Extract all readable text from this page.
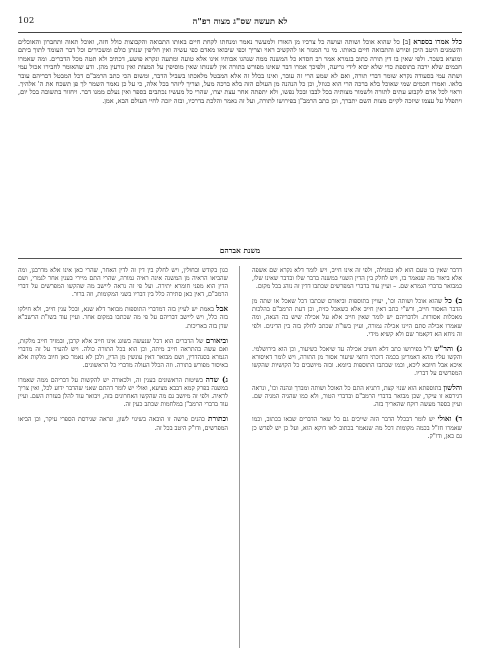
לא תעשה שס"ג מצוה רפ"ה
102
כלל אמרו בספרא [ב] כל שהוא אוכל ושותה ועושה כל צרכיו מן האורז ולמעשר נאמר ומנחתו לקחת חיים באותו התבואה והקבוצות כולל חזה, ואוכל תאוה ותחברון והאוכלים והשמנים היטב היכן ופירש והתבואה חיים באותו. מי גר המנזר או להקשיב ראוי וצריך וכפי שיבואו מאדם כפי עשיה ואין חליפין שנותן כולם ומשכירים וכל דבר העומד לתוך ביתם ומוציא בשכר. ולפי שאין בו דין תורה כתוב בגמרא אמר רב חסדא כל המשנה ממה שנהגו אבותיו אינו אלא טועה ומתעה ונקרא פושע, דכתיב ולא תטה מכל הדברים. ומה שאמרו חכמים שלא ירבה בתוספת כדי שלא יבוא לידי גריעה, ולפיכך אמרו דבר שאינו מפורש בתורה אין לשנותו שאין מוסיפין על המצות ואין גורעין מהן. ודע שהאומר לחבירו אכול עמי ושתה עמי בסעודה נקרא שומר דברי תורה, ואם לא שמע הרי זה עובר, ואינו בכלל זה אלא המבטל מלאכתו בשביל הדבר, ומשום הכי כתב הרמב"ם דכל המבטל דבריהם עובר בלאו. ואמרו חכמים שמי שאוכל בלא ברכה הרי הוא כגוזל, וכן כל הנהנה מן העולם הזה בלא ברכה מעל, וצריך ליזהר בכל אלה, כי על כן נאמר השמר לך פן תשכח את ה' אלהיך. וראוי לכל אדם לקבוע עתים לתורה ולשמור מצותיה בכל לבבו ובכל נפשו, ולא יתפתה אחר עצת יצרו, שהרי כל מעשיו נכתבים בספר ואין נעלם ממנו דבר. ויחזור בתשובה בכל יום, ויתפלל על עצמו שיזכה לקיים מצות השם יתברך, וכן כתב הרמב"ן בפירושו לתורה, ועל זה נאמר והלכת בדרכיו, ובזה יזכה לחיי העולם הבא, אמן.
משנת אברהם

דדבר שאין בו טעם הוא לא כמגילה, ולפי זה אינו חייב, ויש לומר דלא נקרא שם אשפה אלא ביאור מה שנאמר בו, ויש לחלק בין הדין השנוי במשנה בדבר שלו ובדבר שאינו שלו, כמבואר בדברי הגמרא שם. – ועיין עוד בדברי המפרשים שכתבו דדין זה נוהג בכל מקום.

ב) כל שהוא אוכל ושותה וכו', יעויין בתוספות וביאורם שכתבו דכל שאכל או שתה מן הדבר האסור חייב, ורש"י כתב דאין חייב אלא כשאכל כזית, וכן דעת הרמב"ם בהלכות מאכלות אסורות. ולדבריהם יש לומר שאין חייב אלא על אכילה שיש בה הנאה, ומה שאמרו אכילה סתם היינו אכילה גמורה, ועיין בשו"ת שכתב לחלק בזה בין הדינים. ולפי זה ניחא הא דקאמר שם ולא קשיא מידי.

ג) והר"ש ז"ל בפירושו כתב דלא חשיב אכילה עד שיאכל כשיעור, וכן הוא בירושלמי. והקשו עליו מהא דאמרינן בכמה דוכתי דחצי שיעור אסור מן התורה, ויש לומר דאיסורא איכא אבל חיובא ליכא, וכמו שכתבו התוספות ביומא. ובזה מיושבים כל הקושיות שהקשו המפרשים על דבריו.

והלשון בתוספתא הוא שנוי קצת, דתניא התם כל האוכל ושותה ומברך ונהנה וכו', ונראה דגירסא זו עיקר, שכן מבואר בדברי הרמב"ם ובדברי הטור, ולא כמו שהגיה המגיה שם. ועיין בספר מעשה רוקח שהאריך בזה.

ד) ואולי יש לומר דבכלל הדבר הזה שייכים גם כל שאר הדברים שבאו בכתוב, וכמו שאמרו חז"ל בכמה מקומות דכל מה שנאמר בכתוב לאו דוקא הוא, ועל כן יש לפרש כן גם כאן, ודו"ק.

כגון בקודש ובחולין, ויש לחלק בין דין זה לדין האחר, שהרי כאן אינו אלא מדרבנן, ומה שהביאו הראיה מן המשנה אינה ראיה גמורה, שהרי התם מיירי בענין אחר לגמרי, ושם הדין הוא מפני חומרא יתירה. ועל פי זה נראה ליישב מה שהקשו המפרשים על דברי הרמב"ם, דאין כאן סתירה כלל בין דבריו בשני המקומות, וזה ברור.

אבל באמת יש לעיין בזה דמדברי התוספות מבואר דלא שנא, ובכל ענין חייב, ולא חילקו בזה כלל, ויש ליישב דבריהם על פי מה שכתבו במקום אחר. ועיין עוד בשו"ת הרשב"א שדן בזה באריכות.

וביאורם של הדברים הוא דכל שנעשה בשוגג אינו חייב אלא קרבן, ובמזיד חייב מלקות, ואם עשה בהתראה חייב מיתה, וכן הוא בכל התורה כולה. ויש להעיר על זה מדברי הגמרא בסנהדרין, ושם מבואר דאין עונשין מן הדין, ולכן לא נאמר כאן חיוב מלקות אלא באיסור מפורש בתורה. וזה הכלל העולה מדברי כל הראשונים.

ג) שדה בשיטות הראשונים בענין זה, ולכאורה יש להקשות על דבריהם ממה שאמרו במשנה בפרק קמא דבבא מציעא, ואולי יש לומר דהתם שאני שהדבר ידוע לכל, ואין צריך לראיה. ולפי זה מיושב גם מה שהקשו האחרונים בזה, ויבואר עוד להלן בעזרת השם. ועיין עוד בדברי הרמב"ן במלחמות שכתב כעין זה.

וכתורת כהנים פרשה זו הובאה בשינוי לשון, ונראה שגירסת הספרי עיקר, וכן הביאו המפרשים, ודו"ק היטב בכל זה.
